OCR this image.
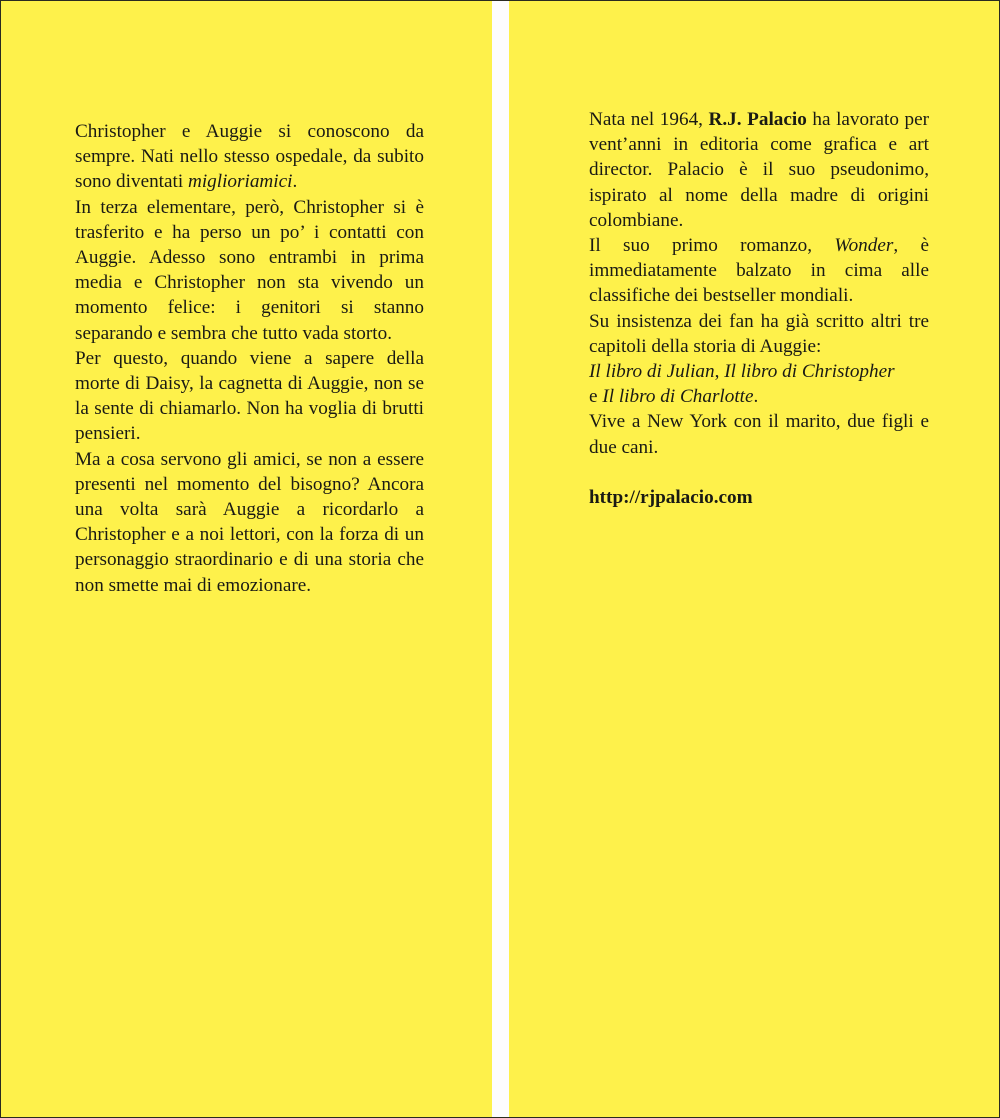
Christopher e Auggie si conoscono da sempre. Nati nello stesso ospedale, da subito sono diventati miglioriamici.

In terza elementare, però, Christopher si è trasferito e ha perso un po’ i contatti con Auggie. Adesso sono entrambi in prima media e Christopher non sta vivendo un momento felice: i genitori si stanno separando e sembra che tutto vada storto.

Per questo, quando viene a sapere della morte di Daisy, la cagnetta di Auggie, non se la sente di chiamarlo. Non ha voglia di brutti pensieri.

Ma a cosa servono gli amici, se non a essere presenti nel momento del bisogno? Ancora una volta sarà Auggie a ricordarlo a Christopher e a noi lettori, con la forza di un personaggio straordinario e di una storia che non smette mai di emozionare.

Nata nel 1964, R.J. Palacio ha lavorato per vent’anni in editoria come grafica e art director. Palacio è il suo pseudonimo, ispirato al nome della madre di origini colombiane.

Il suo primo romanzo, Wonder, è immediatamente balzato in cima alle classifiche dei bestseller mondiali.

Su insistenza dei fan ha già scritto altri tre capitoli della storia di Auggie:
Il libro di Julian, Il libro di Christopher
e Il libro di Charlotte.

Vive a New York con il marito, due figli e due cani.

http://rjpalacio.com
